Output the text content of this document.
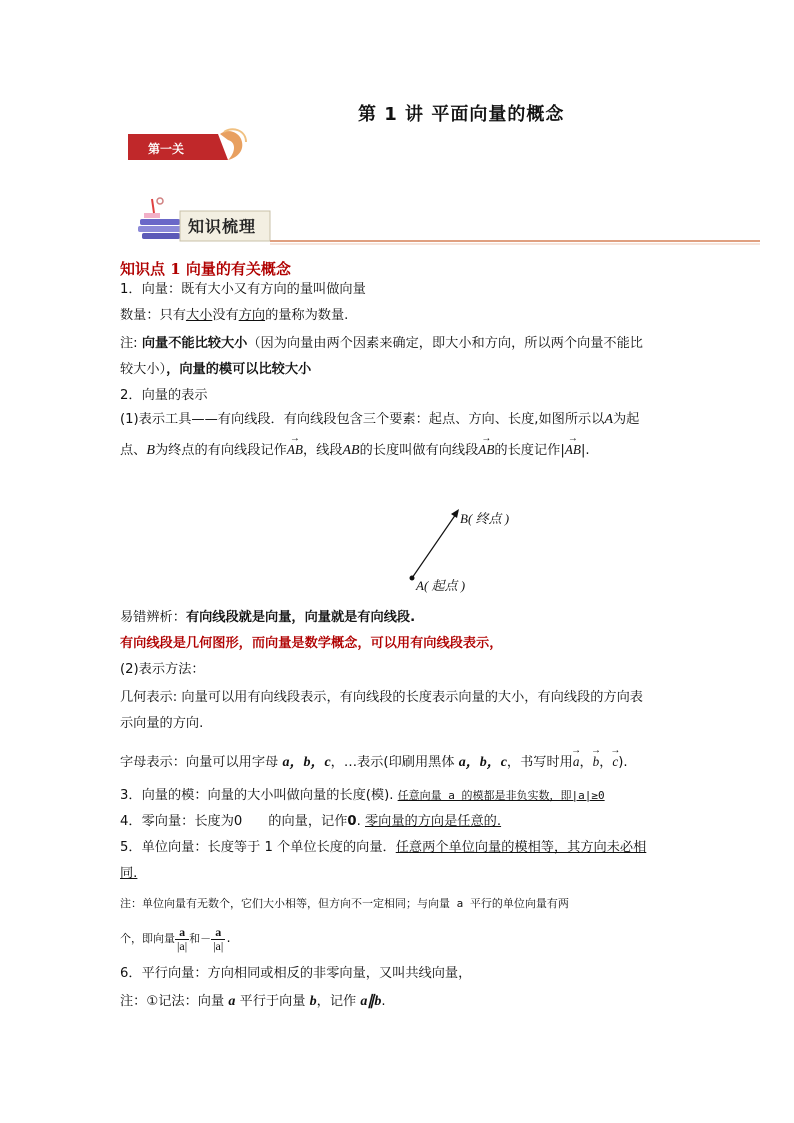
第 1 讲 平面向量的概念
第一关
知识梳理
知识点 1 向量的有关概念
1．向量：既有大小又有方向的量叫做向量
数量：只有大小没有方向的量称为数量.
注: 向量不能比较大小（因为向量由两个因素来确定，即大小和方向，所以两个向量不能比
较大小），向量的模可以比较大小
2．向量的表示
(1)表示工具——有向线段．有向线段包含三个要素：起点、方向、长度,如图所示以A为起
点、B为终点的有向线段记作→ AB，线段AB的长度叫做有向线段→ AB的长度记作|→ AB|.
B( 终点 )
A( 起点 )
易错辨析：有向线段就是向量，向量就是有向线段.
有向线段是几何图形，而向量是数学概念，可以用有向线段表示，
(2)表示方法：
几何表示: 向量可以用有向线段表示，有向线段的长度表示向量的大小，有向线段的方向表
示向量的方向.
字母表示：向量可以用字母 a，b，c，…表示(印刷用黑体 a，b，c，书写时用→ a，→ b，→ c).
3．向量的模：向量的大小叫做向量的长度(模). 任意向量 a 的模都是非负实数，即|a|≥0
4．零向量：长度为0 的向量，记作0. 零向量的方向是任意的.
5．单位向量：长度等于 1 个单位长度的向量．任意两个单位向量的模相等，其方向未必相
同.
注：单位向量有无数个，它们大小相等，但方向不一定相同；与向量 a 平行的单位向量有两
个，即向量 $\frac{a}{|a|}$ 和－ $\frac{a}{|a|}$ .
6．平行向量：方向相同或相反的非零向量，又叫共线向量，
注：①记法：向量 a 平行于向量 b，记作 a∥b.
